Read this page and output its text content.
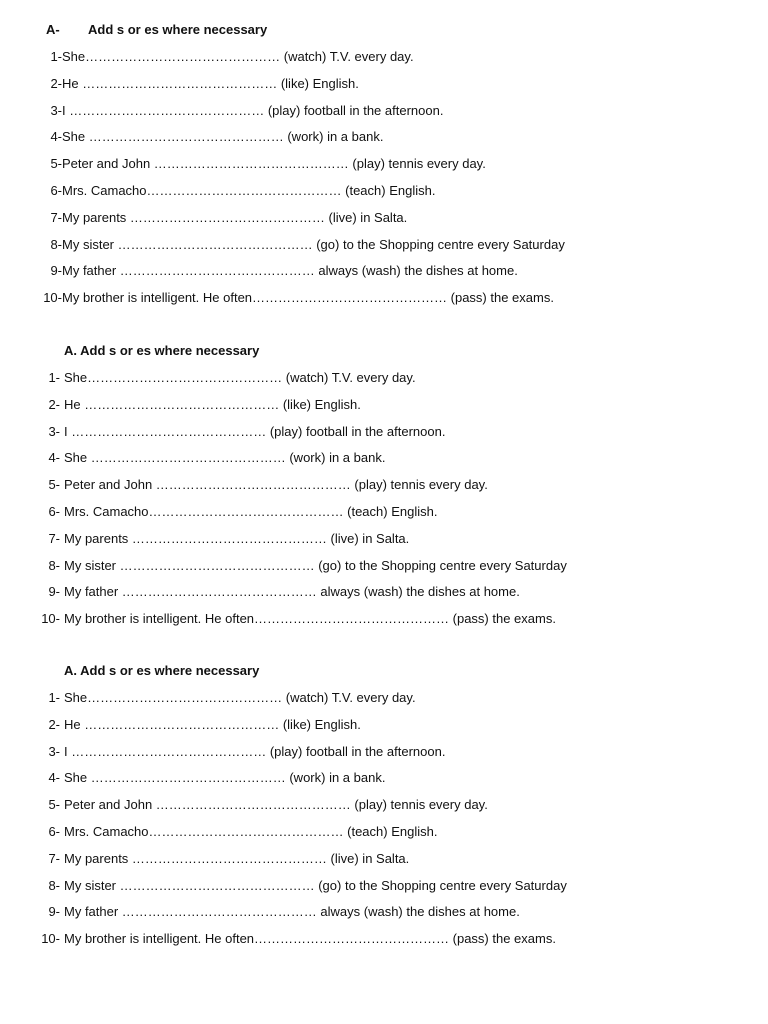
A- Add s or es where necessary
1- She……………………………………… (watch) T.V. every day.
2- He ……………………………………… (like) English.
3- I ……………………………………… (play) football in the afternoon.
4- She ……………………………………… (work) in a bank.
5- Peter and John ……………………………………… (play) tennis every day.
6- Mrs. Camacho……………………………………… (teach) English.
7- My parents ……………………………………… (live) in Salta.
8- My sister ……………………………………… (go) to the Shopping centre every Saturday
9- My father ……………………………………… always (wash) the dishes at home.
10- My brother is intelligent. He often……………………………………… (pass) the exams.
A. Add s or es where necessary
1- She……………………………………… (watch) T.V. every day.
2- He ……………………………………… (like) English.
3- I ……………………………………… (play) football in the afternoon.
4- She ……………………………………… (work) in a bank.
5- Peter and John ……………………………………… (play) tennis every day.
6- Mrs. Camacho……………………………………… (teach) English.
7- My parents ……………………………………… (live) in Salta.
8- My sister ……………………………………… (go) to the Shopping centre every Saturday
9- My father ……………………………………… always (wash) the dishes at home.
10- My brother is intelligent. He often……………………………………… (pass) the exams.
A. Add s or es where necessary
1- She……………………………………… (watch) T.V. every day.
2- He ……………………………………… (like) English.
3- I ……………………………………… (play) football in the afternoon.
4- She ……………………………………… (work) in a bank.
5- Peter and John ……………………………………… (play) tennis every day.
6- Mrs. Camacho……………………………………… (teach) English.
7- My parents ……………………………………… (live) in Salta.
8- My sister ……………………………………… (go) to the Shopping centre every Saturday
9- My father ……………………………………… always (wash) the dishes at home.
10- My brother is intelligent. He often……………………………………… (pass) the exams.
